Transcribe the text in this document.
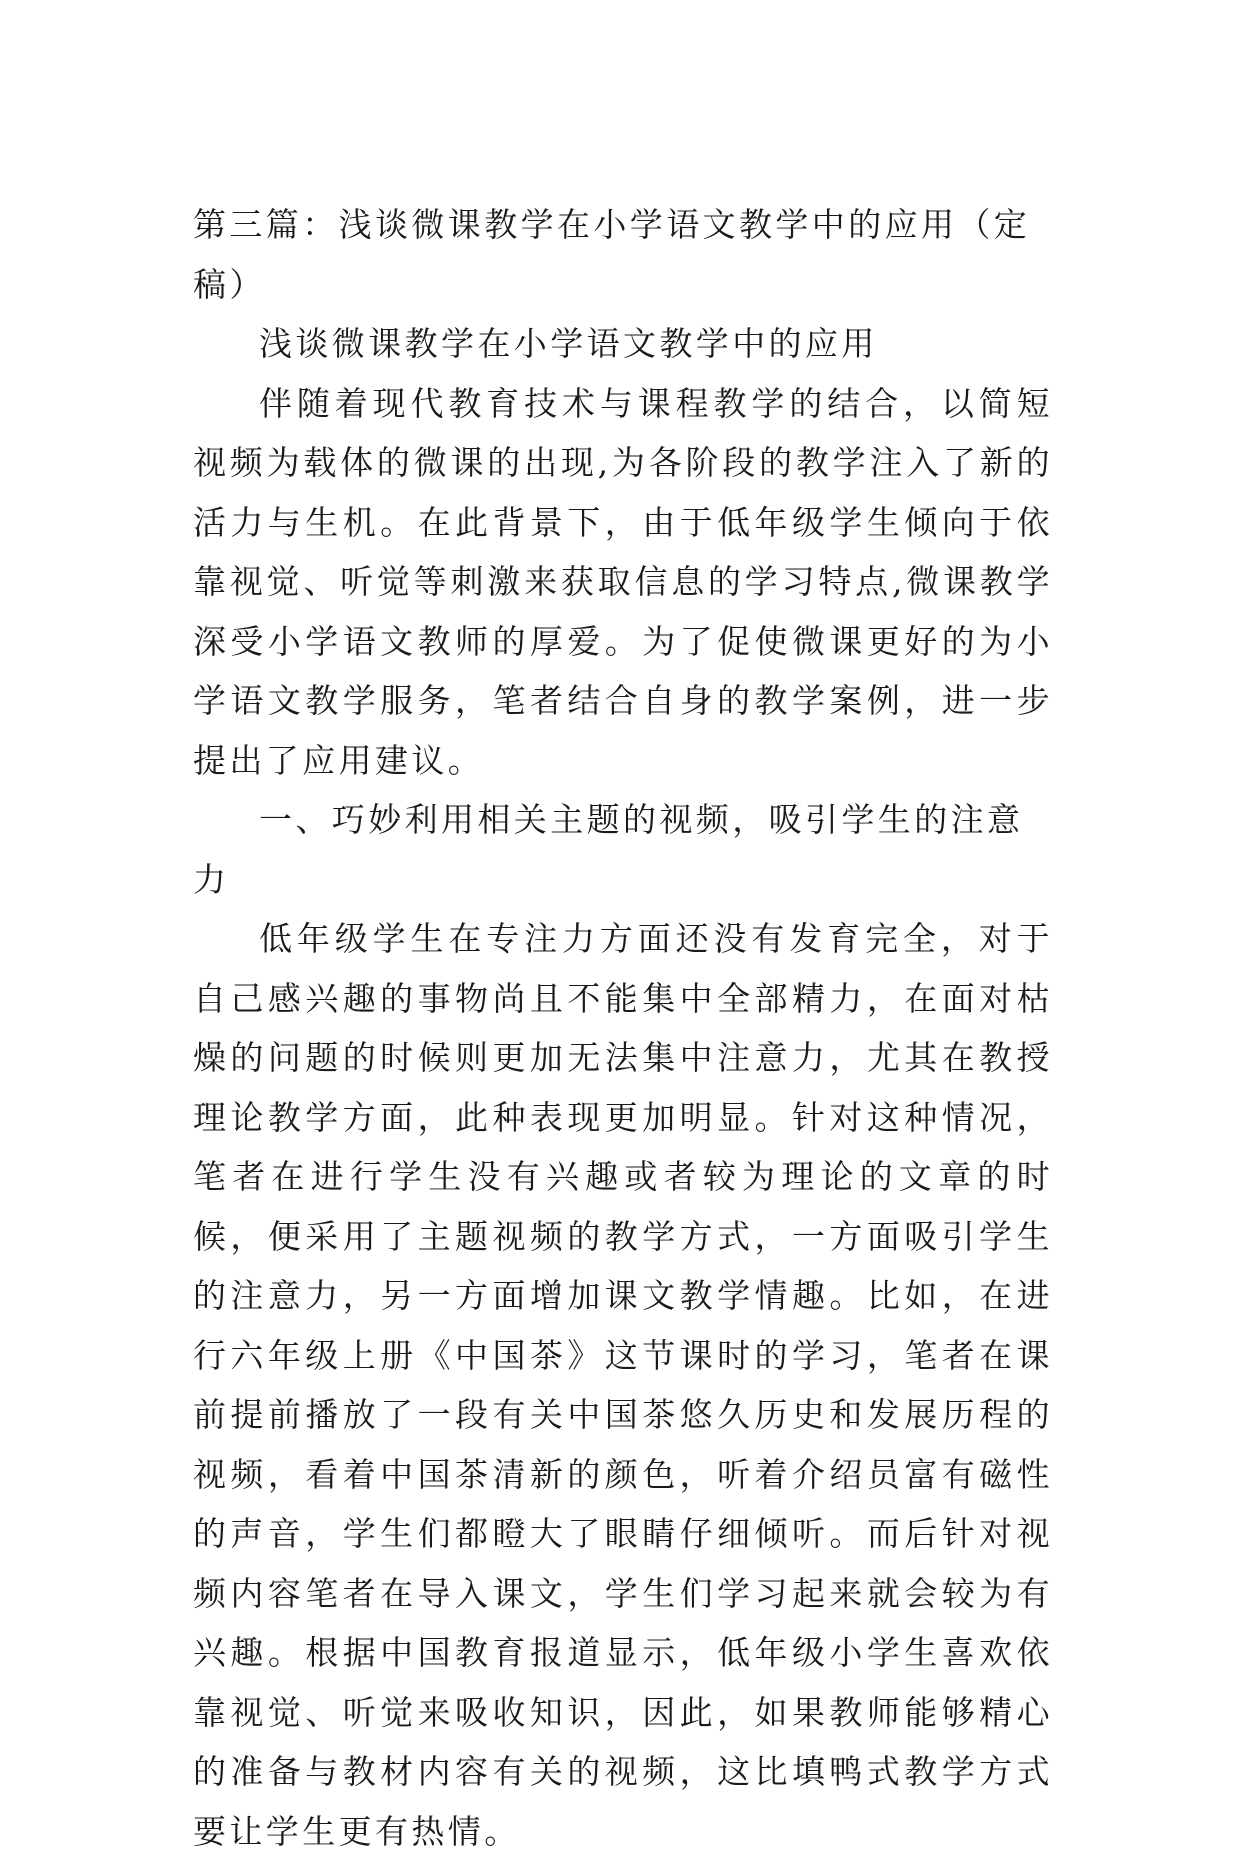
第三篇：浅谈微课教学在小学语文教学中的应用（定稿）

浅谈微课教学在小学语文教学中的应用

伴随着现代教育技术与课程教学的结合，以简短视频为载体的微课的出现,为各阶段的教学注入了新的活力与生机。在此背景下，由于低年级学生倾向于依靠视觉、听觉等刺激来获取信息的学习特点,微课教学深受小学语文教师的厚爱。为了促使微课更好的为小学语文教学服务，笔者结合自身的教学案例，进一步提出了应用建议。

一、巧妙利用相关主题的视频，吸引学生的注意力

低年级学生在专注力方面还没有发育完全，对于自己感兴趣的事物尚且不能集中全部精力，在面对枯燥的问题的时候则更加无法集中注意力，尤其在教授理论教学方面，此种表现更加明显。针对这种情况，笔者在进行学生没有兴趣或者较为理论的文章的时候，便采用了主题视频的教学方式，一方面吸引学生的注意力，另一方面增加课文教学情趣。比如，在进行六年级上册《中国茶》这节课时的学习，笔者在课前提前播放了一段有关中国茶悠久历史和发展历程的视频，看着中国茶清新的颜色，听着介绍员富有磁性的声音，学生们都瞪大了眼睛仔细倾听。而后针对视频内容笔者在导入课文，学生们学习起来就会较为有兴趣。根据中国教育报道显示，低年级小学生喜欢依靠视觉、听觉来吸收知识，因此，如果教师能够精心的准备与教材内容有关的视频，这比填鸭式教学方式要让学生更有热情。
